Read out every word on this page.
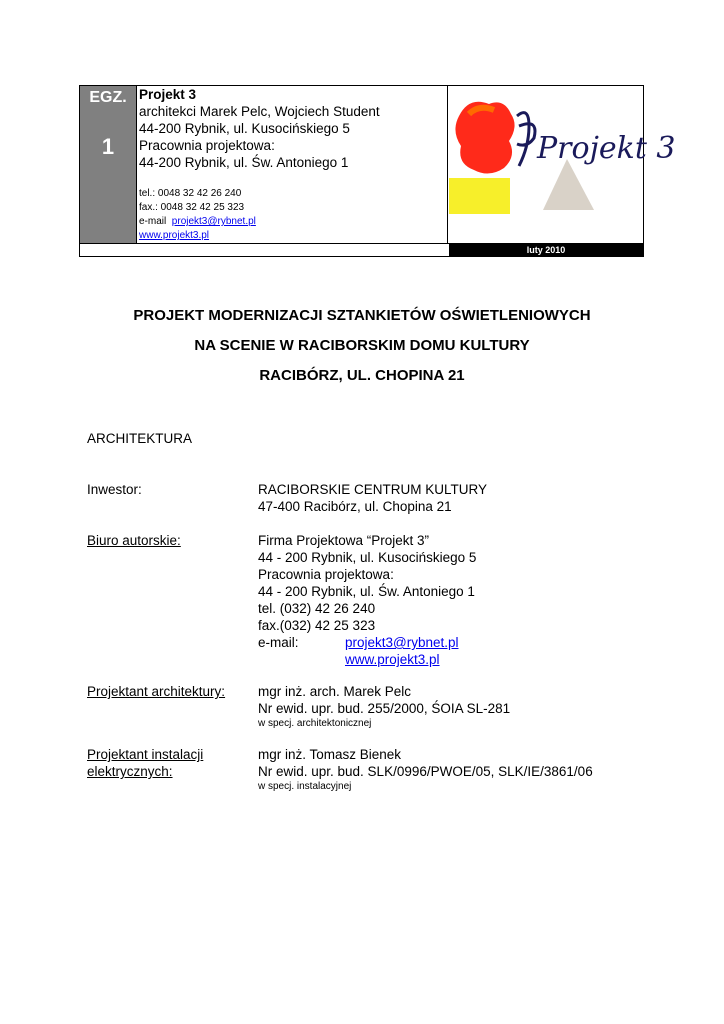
EGZ.
1
Projekt 3
architekci Marek Pelc, Wojciech Student
44-200 Rybnik, ul. Kusocińskiego 5
Pracownia projektowa:
44-200 Rybnik, ul. Św. Antoniego 1
tel.: 0048 32 42 26 240
fax.: 0048 32 42 25 323
e-mail projekt3@rybnet.pl
www.projekt3.pl
Projekt 3
luty 2010
PROJEKT MODERNIZACJI SZTANKIETÓW OŚWIETLENIOWYCH
NA SCENIE W RACIBORSKIM DOMU KULTURY
RACIBÓRZ, UL. CHOPINA 21
ARCHITEKTURA
Inwestor:	RACIBORSKIE CENTRUM KULTURY
47-400 Racibórz, ul. Chopina 21
Biuro autorskie:	Firma Projektowa “Projekt 3”
44 - 200 Rybnik, ul. Kusocińskiego 5
Pracownia projektowa:
44 - 200 Rybnik, ul. Św. Antoniego 1
tel. (032) 42 26 240
fax.(032) 42 25 323
e-mail:	projekt3@rybnet.pl

www.projekt3.pl
Projektant architektury: mgr inż. arch. Marek Pelc
Nr ewid. upr. bud. 255/2000, ŚOIA SL-281
w specj. architektonicznej
Projektant instalacji
elektrycznych:
mgr inż. Tomasz Bienek
Nr ewid. upr. bud. SLK/0996/PWOE/05, SLK/IE/3861/06
w specj. instalacyjnej
